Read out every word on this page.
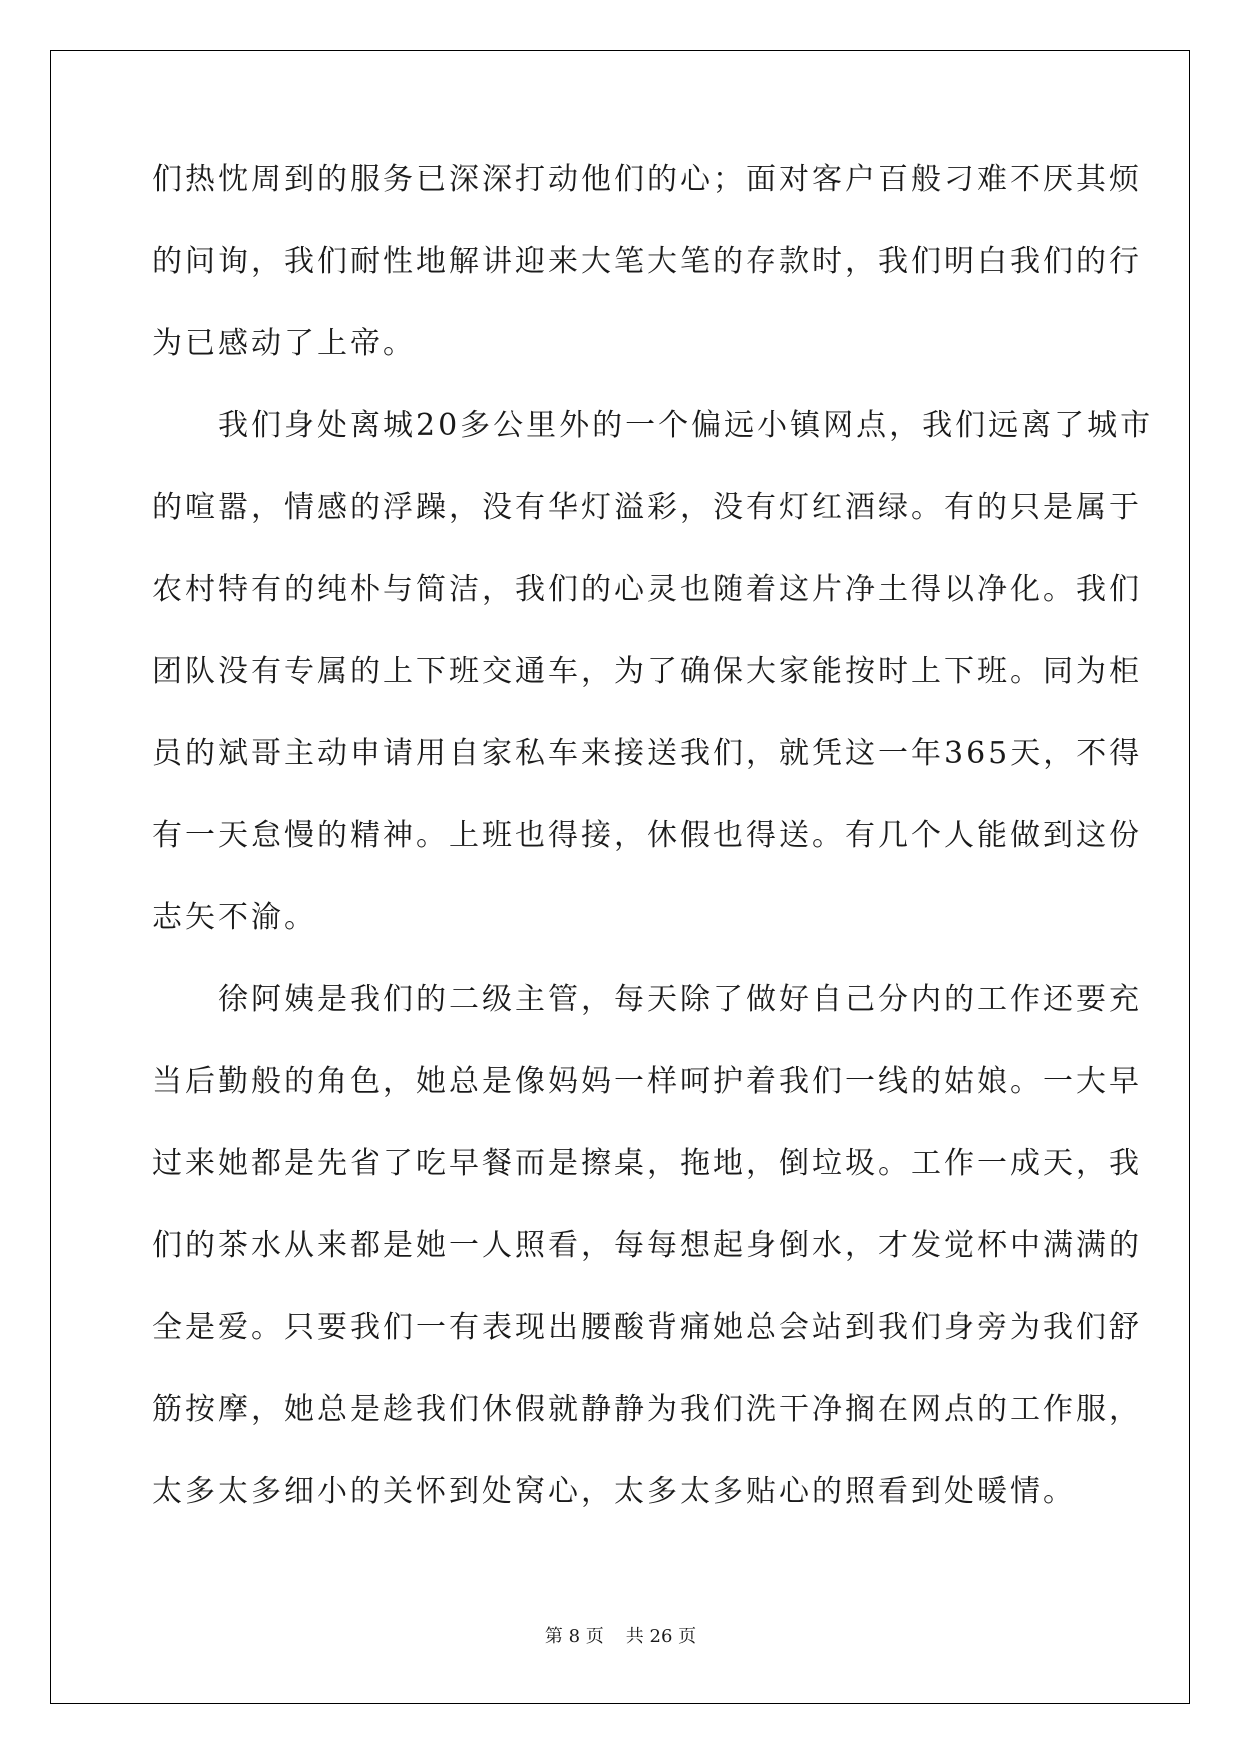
们热忱周到的服务已深深打动他们的心；面对客户百般刁难不厌其烦
的问询，我们耐性地解讲迎来大笔大笔的存款时，我们明白我们的行
为已感动了上帝。
　　我们身处离城20多公里外的一个偏远小镇网点，我们远离了城市
的喧嚣，情感的浮躁，没有华灯溢彩，没有灯红酒绿。有的只是属于
农村特有的纯朴与简洁，我们的心灵也随着这片净土得以净化。我们
团队没有专属的上下班交通车，为了确保大家能按时上下班。同为柜
员的斌哥主动申请用自家私车来接送我们，就凭这一年365天，不得
有一天怠慢的精神。上班也得接，休假也得送。有几个人能做到这份
志矢不渝。
　　徐阿姨是我们的二级主管，每天除了做好自己分内的工作还要充
当后勤般的角色，她总是像妈妈一样呵护着我们一线的姑娘。一大早
过来她都是先省了吃早餐而是擦桌，拖地，倒垃圾。工作一成天，我
们的茶水从来都是她一人照看，每每想起身倒水，才发觉杯中满满的
全是爱。只要我们一有表现出腰酸背痛她总会站到我们身旁为我们舒
筋按摩，她总是趁我们休假就静静为我们洗干净搁在网点的工作服，
太多太多细小的关怀到处窝心，太多太多贴心的照看到处暖情。
第 8 页 共 26 页
